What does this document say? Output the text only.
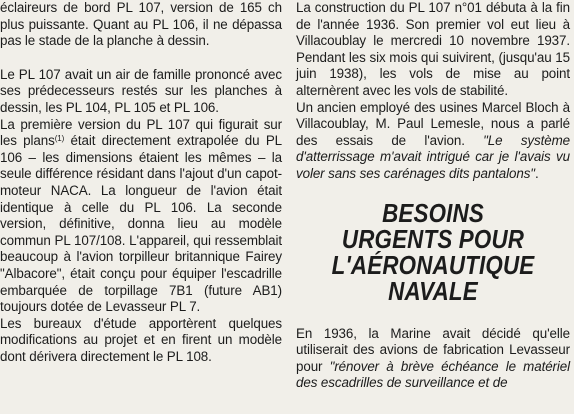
éclaireurs de bord PL 107, version de 165 ch plus puissante. Quant au PL 106, il ne dépassa pas le stade de la planche à dessin.

Le PL 107 avait un air de famille prononcé avec ses prédecesseurs restés sur les planches à dessin, les PL 104, PL 105 et PL 106.

La première version du PL 107 qui figurait sur les plans$^{(1)}$ était directement extrapolée du PL 106 – les dimensions étaient les mêmes – la seule différence résidant dans l'ajout d'un capot-moteur NACA. La longueur de l'avion était identique à celle du PL 106. La seconde version, définitive, donna lieu au modèle commun PL 107/108. L'appareil, qui ressemblait beaucoup à l'avion torpilleur britannique Fairey "Albacore", était conçu pour équiper l'escadrille embarquée de torpillage 7B1 (future AB1) toujours dotée de Levasseur PL 7.

Les bureaux d'étude apportèrent quelques modifications au projet et en firent un modèle dont dérivera directement le PL 108.

La construction du PL 107 n°01 débuta à la fin de l'année 1936. Son premier vol eut lieu à Villacoublay le mercredi 10 novembre 1937. Pendant les six mois qui suivirent, (jusqu'au 15 juin 1938), les vols de mise au point alternèrent avec les vols de stabilité.

Un ancien employé des usines Marcel Bloch à Villacoublay, M. Paul Lemesle, nous a parlé des essais de l'avion. "Le système d'atterrissage m'avait intrigué car je l'avais vu voler sans ses carénages dits pantalons".

BESOINS
URGENTS POUR
L'AÉRONAUTIQUE
NAVALE

En 1936, la Marine avait décidé qu'elle utiliserait des avions de fabrication Levasseur pour "rénover à brève échéance le matériel des escadrilles de surveillance et de
